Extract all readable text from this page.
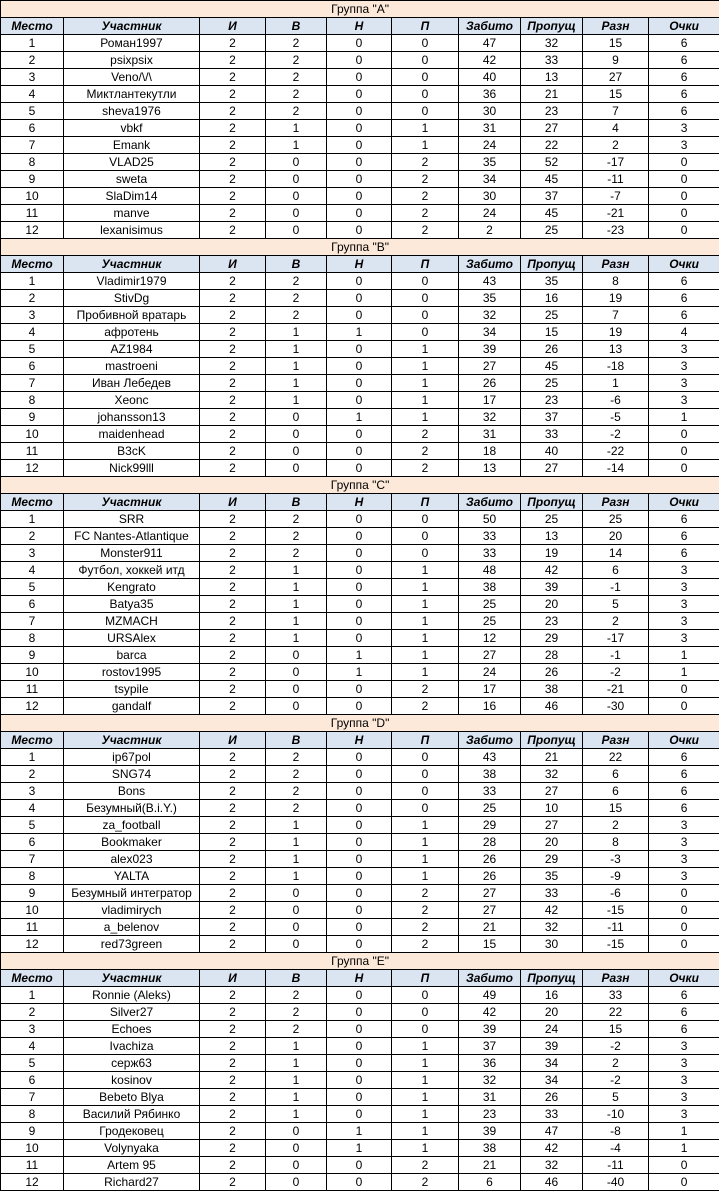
Группа "A"									
Место	Участник	И	В	Н	П	Забито	Пропущ	Разн	Очки
1	Роман1997	2	2	0	0	47	32	15	6
2	psixpsix	2	2	0	0	42	33	9	6
3	Veno/\/\	2	2	0	0	40	13	27	6
4	Миктлантекутли	2	2	0	0	36	21	15	6
5	sheva1976	2	2	0	0	30	23	7	6
6	vbkf	2	1	0	1	31	27	4	3
7	Emank	2	1	0	1	24	22	2	3
8	VLAD25	2	0	0	2	35	52	-17	0
9	sweta	2	0	0	2	34	45	-11	0
10	SlaDim14	2	0	0	2	30	37	-7	0
11	manve	2	0	0	2	24	45	-21	0
12	lexanisimus	2	0	0	2	2	25	-23	0
Группа "B"									
Место	Участник	И	В	Н	П	Забито	Пропущ	Разн	Очки
1	Vladimir1979	2	2	0	0	43	35	8	6
2	StivDg	2	2	0	0	35	16	19	6
3	Пробивной вратарь	2	2	0	0	32	25	7	6
4	афротень	2	1	1	0	34	15	19	4
5	AZ1984	2	1	0	1	39	26	13	3
6	mastroeni	2	1	0	1	27	45	-18	3
7	Иван Лебедев	2	1	0	1	26	25	1	3
8	Xeonc	2	1	0	1	17	23	-6	3
9	johansson13	2	0	1	1	32	37	-5	1
10	maidenhead	2	0	0	2	31	33	-2	0
11	B3cK	2	0	0	2	18	40	-22	0
12	Nick99lll	2	0	0	2	13	27	-14	0
Группа "C"									
Место	Участник	И	В	Н	П	Забито	Пропущ	Разн	Очки
1	SRR	2	2	0	0	50	25	25	6
2	FC Nantes-Atlantique	2	2	0	0	33	13	20	6
3	Monster911	2	2	0	0	33	19	14	6
4	Футбол, хоккей итд	2	1	0	1	48	42	6	3
5	Kengrato	2	1	0	1	38	39	-1	3
6	Batya35	2	1	0	1	25	20	5	3
7	MZMACH	2	1	0	1	25	23	2	3
8	URSAlex	2	1	0	1	12	29	-17	3
9	barca	2	0	1	1	27	28	-1	1
10	rostov1995	2	0	1	1	24	26	-2	1
11	tsypile	2	0	0	2	17	38	-21	0
12	gandalf	2	0	0	2	16	46	-30	0
Группа "D"									
Место	Участник	И	В	Н	П	Забито	Пропущ	Разн	Очки
1	ip67pol	2	2	0	0	43	21	22	6
2	SNG74	2	2	0	0	38	32	6	6
3	Bons	2	2	0	0	33	27	6	6
4	Безумный(B.i.Y.)	2	2	0	0	25	10	15	6
5	za_football	2	1	0	1	29	27	2	3
6	Bookmaker	2	1	0	1	28	20	8	3
7	alex023	2	1	0	1	26	29	-3	3
8	YALTA	2	1	0	1	26	35	-9	3
9	Безумный интегратор	2	0	0	2	27	33	-6	0
10	vladimirych	2	0	0	2	27	42	-15	0
11	a_belenov	2	0	0	2	21	32	-11	0
12	red73green	2	0	0	2	15	30	-15	0
Группа "E"									
Место	Участник	И	В	Н	П	Забито	Пропущ	Разн	Очки
1	Ronnie (Aleks)	2	2	0	0	49	16	33	6
2	Silver27	2	2	0	0	42	20	22	6
3	Echoes	2	2	0	0	39	24	15	6
4	Ivachiza	2	1	0	1	37	39	-2	3
5	серж63	2	1	0	1	36	34	2	3
6	kosinov	2	1	0	1	32	34	-2	3
7	Bebeto Blya	2	1	0	1	31	26	5	3
8	Василий Рябинко	2	1	0	1	23	33	-10	3
9	Гродековец	2	0	1	1	39	47	-8	1
10	Volynyaka	2	0	1	1	38	42	-4	1
11	Artem 95	2	0	0	2	21	32	-11	0
12	Richard27	2	0	0	2	6	46	-40	0
